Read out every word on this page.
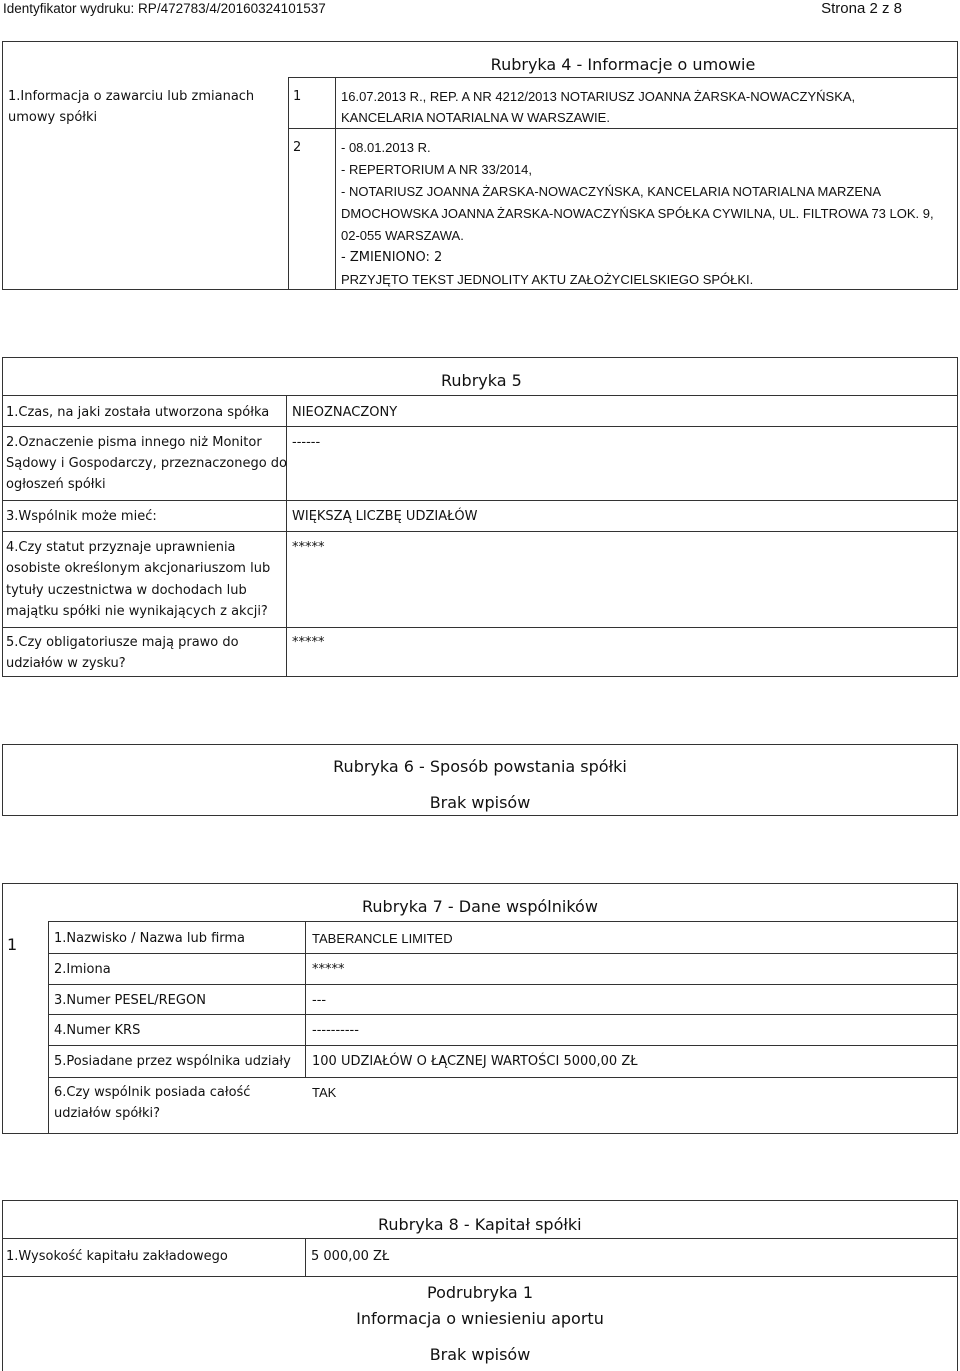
Identyfikator wydruku: RP/472783/4/20160324101537	Strona 2 z 8
Rubryka 4 - Informacje o umowie
1.Informacja o zawarciu lub zmianach
umowy spółki
1	16.07.2013 R., REP. A NR 4212/2013 NOTARIUSZ JOANNA ŻARSKA-NOWACZYŃSKA,
KANCELARIA NOTARIALNA W WARSZAWIE.
2	- 08.01.2013 R.
- REPERTORIUM A NR 33/2014,
- NOTARIUSZ JOANNA ŻARSKA-NOWACZYŃSKA, KANCELARIA NOTARIALNA MARZENA
DMOCHOWSKA JOANNA ŻARSKA-NOWACZYŃSKA SPÓŁKA CYWILNA, UL. FILTROWA 73 LOK. 9,
02-055 WARSZAWA.
- ZMIENIONO: 2
PRZYJĘTO TEKST JEDNOLITY AKTU ZAŁOŻYCIELSKIEGO SPÓŁKI.
Rubryka 5
1.Czas, na jaki została utworzona spółka NIEOZNACZONY
2.Oznaczenie pisma innego niż Monitor
Sądowy i Gospodarczy, przeznaczonego do
ogłoszeń spółki
------
3.Wspólnik może mieć:	WIĘKSZĄ LICZBĘ UDZIAŁÓW
4.Czy statut przyznaje uprawnienia
osobiste określonym akcjonariuszom lub
tytuły uczestnictwa w dochodach lub
majątku spółki nie wynikających z akcji?
*****
5.Czy obligatoriusze mają prawo do
udziałów w zysku?
*****
Rubryka 6 - Sposób powstania spółki
Brak wpisów
Rubryka 7 - Dane wspólników
1	1.Nazwisko / Nazwa lub firma	TABERANCLE LIMITED
2.Imiona	*****
3.Numer PESEL/REGON	---
4.Numer KRS	----------
5.Posiadane przez wspólnika udziały 100 UDZIAŁÓW O ŁĄCZNEJ WARTOŚCI 5000,00 ZŁ
6.Czy wspólnik posiada całość
udziałów spółki?
TAK
Rubryka 8 - Kapitał spółki
1.Wysokość kapitału zakładowego	5 000,00 ZŁ
Podrubryka 1
Informacja o wniesieniu aportu
Brak wpisów
